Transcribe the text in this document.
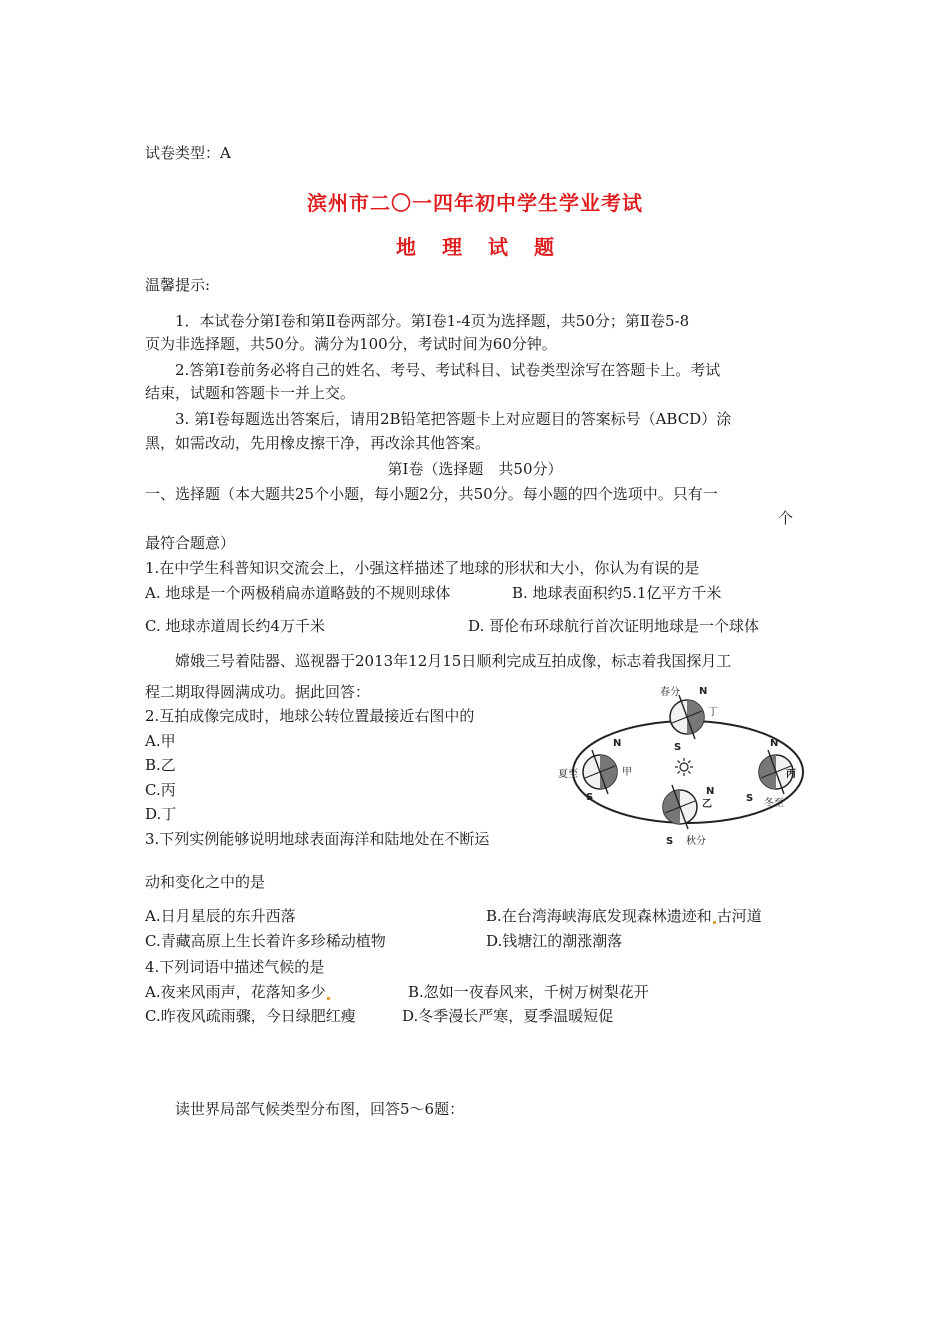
试卷类型：A
滨州市二〇一四年初中学生学业考试
地理试题
温馨提示:
1．本试卷分第Ⅰ卷和第Ⅱ卷两部分。第Ⅰ卷1-4页为选择题，共50分；第Ⅱ卷5-8
页为非选择题，共50分。满分为100分，考试时间为60分钟。
2.答第Ⅰ卷前务必将自己的姓名、考号、考试科目、试卷类型涂写在答题卡上。考试
结束，试题和答题卡一并上交。
3. 第Ⅰ卷每题选出答案后，请用2B铅笔把答题卡上对应题目的答案标号（ABCD）涂
黑，如需改动，先用橡皮擦干净，再改涂其他答案。
第Ⅰ卷（选择题　共50分）
一、选择题（本大题共25个小题，每小题2分，共50分。每小题的四个选项中。只有一
个
最符合题意）
1.在中学生科普知识交流会上，小强这样描述了地球的形状和大小，你认为有误的是
A. 地球是一个两极稍扁赤道略鼓的不规则球体	B. 地球表面积约5.1亿平方千米
C. 地球赤道周长约4万千米	D. 哥伦布环球航行首次证明地球是一个球体
嫦娥三号着陆器、巡视器于2013年12月15日顺利完成互拍成像，标志着我国探月工
程二期取得圆满成功。据此回答：
2.互拍成像完成时，地球公转位置最接近右图中的
A.甲
B.乙
C.丙
D.丁
3.下列实例能够说明地球表面海洋和陆地处在不断运
春分
丁
N
S
夏至	甲
N
S
丙
N
S 冬至
乙
N
S 秋分
动和变化之中的是
A.日月星辰的东升西落	B.在台湾海峡海底发现森林遗迹和 古河道
C.青藏高原上生长着许多珍稀动植物	D.钱塘江的潮涨潮落
4.下列词语中描述气候的是
A.夜来风雨声，花落知多少	B.忽如一夜春风来，千树万树梨花开
C.昨夜风疏雨骤，今日绿肥红瘦	D.冬季漫长严寒，夏季温暖短促
读世界局部气候类型分布图，回答5～6题：
